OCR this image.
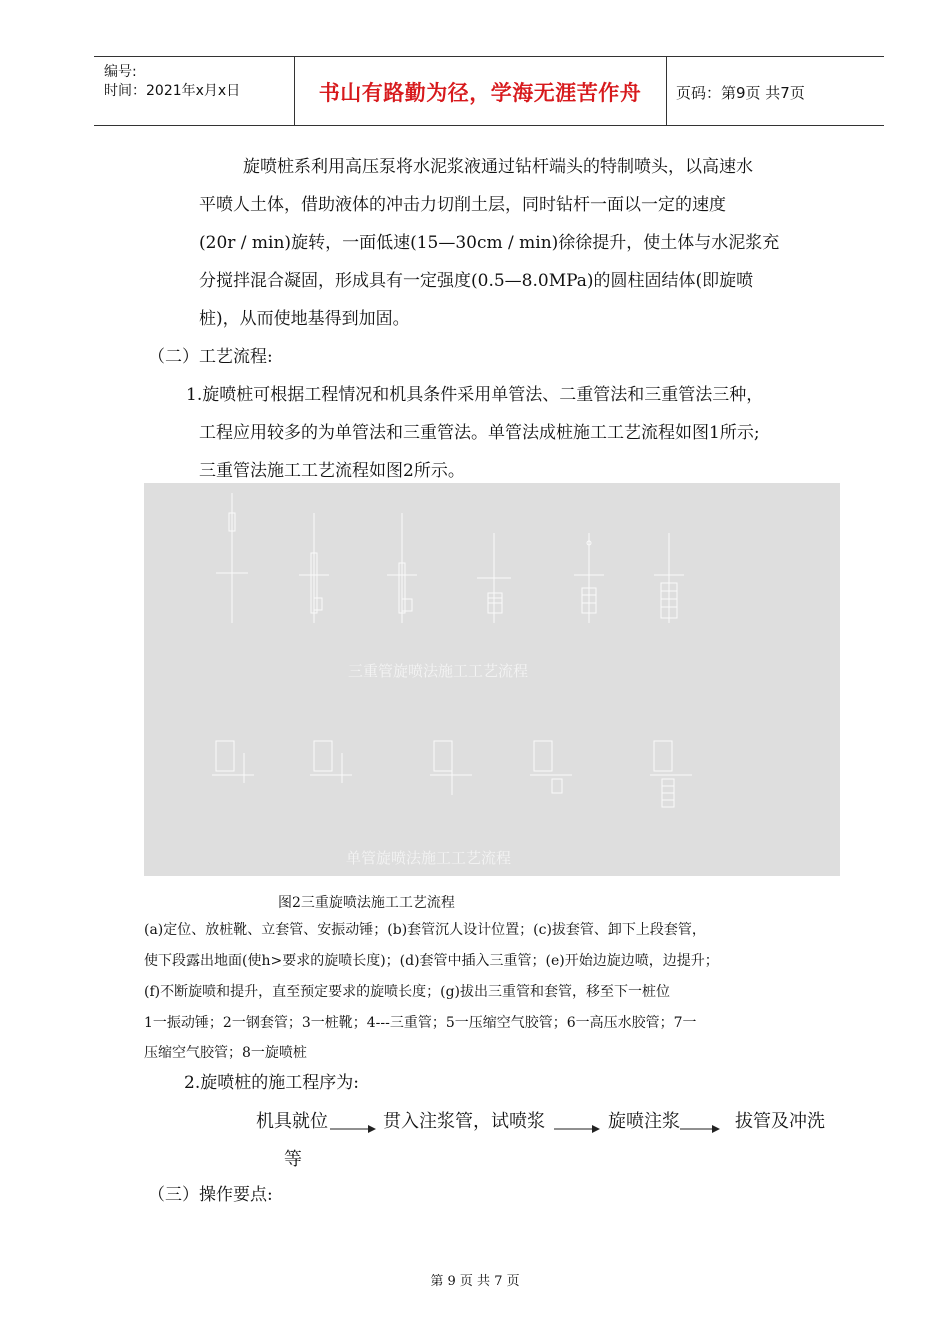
编号:
时间：2021年x月x日	书山有路勤为径，学海无涯苦作舟	页码：第9页 共7页
旋喷桩系利用高压泵将水泥浆液通过钻杆端头的特制喷头，以高速水
平喷人土体，借助液体的冲击力切削土层，同时钻杆一面以一定的速度
(20r / min)旋转，一面低速(15—30cm / min)徐徐提升，使土体与水泥浆充
分搅拌混合凝固，形成具有一定强度(0.5—8.0MPa)的圆柱固结体(即旋喷
桩)，从而使地基得到加固。
（二）工艺流程:
1.旋喷桩可根据工程情况和机具条件采用单管法、二重管法和三重管法三种，
工程应用较多的为单管法和三重管法。单管法成桩施工工艺流程如图1所示;
三重管法施工工艺流程如图2所示。
三重管旋喷法施工工艺流程
单管旋喷法施工工艺流程
图2三重旋喷法施工工艺流程
(a)定位、放桩靴、立套管、安振动锤；(b)套管沉人设计位置；(c)拔套管、卸下上段套管，
使下段露出地面(使h>要求的旋喷长度)；(d)套管中插入三重管；(e)开始边旋边喷，边提升；
(f)不断旋喷和提升，直至预定要求的旋喷长度；(g)拔出三重管和套管，移至下一桩位
1一振动锤；2一钢套管；3一桩靴；4---三重管；5一压缩空气胶管；6一高压水胶管；7一
压缩空气胶管；8一旋喷桩
2.旋喷桩的施工程序为:
机具就位	贯入注浆管，试喷浆	旋喷注浆	拔管及冲洗
等
（三）操作要点:
第 9 页 共 7 页
